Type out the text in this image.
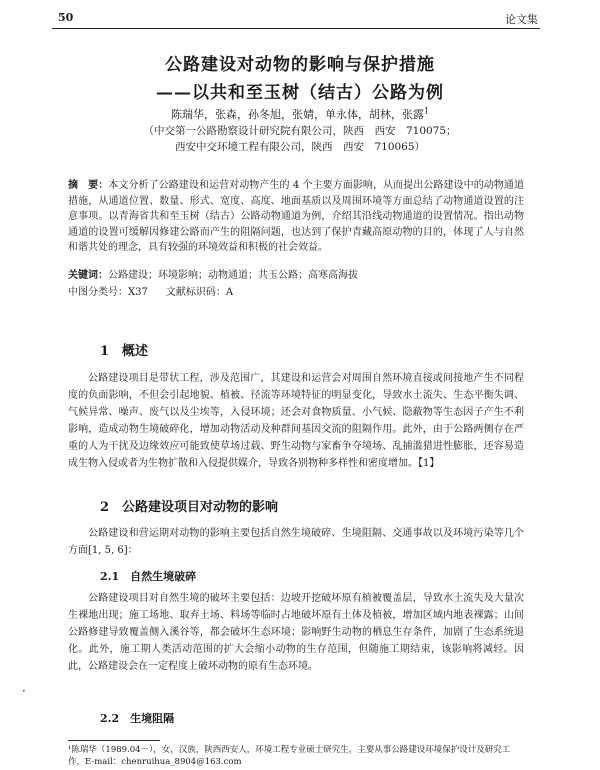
50	论文集
公路建设对动物的影响与保护措施
——以共和至玉树（结古）公路为例
陈瑞华，张森，孙冬旭，张婧，单永体，胡林，张露$^1$
（中交第一公路勘察设计研究院有限公司，陕西　西安　710075；
西安中交环境工程有限公司，陕西　西安　710065）
摘　要：本文分析了公路建设和运营对动物产生的 4 个主要方面影响，从而提出公路建设中的动物通道措施，从通道位置、数量、形式、宽度、高度、地面基质以及周围环境等方面总结了动物通道设置的注意事项。以青海省共和至玉树（结古）公路动物通道为例，介绍其沿线动物通道的设置情况。指出动物通道的设置可缓解因修建公路而产生的阻隔问题，也达到了保护青藏高原动物的目的，体现了人与自然和谐共处的理念，具有较强的环境效益和积极的社会效益。
关键词：公路建设；环境影响；动物通道；共玉公路；高寒高海拔
中图分类号：X37 文献标识码：A
1　概述
公路建设项目是带状工程，涉及范围广，其建设和运营会对周围自然环境直接或间接地产生不同程度的负面影响，不但会引起地貌、植被、径流等环境特征的明显变化，导致水土流失、生态平衡失调、气候异常、噪声、废气以及尘埃等，入侵环境；还会对食物质量、小气候、隐蔽物等生态因子产生不利影响，造成动物生境破碎化，增加动物活动及种群间基因交流的阻隔作用。此外，由于公路两侧存在严重的人为干扰及边缘效应可能致使草场过载、野生动物与家畜争夺境场、乱捕滥猎进性膨胀，还容易造成生物入侵或者为生物扩散和入侵提供媒介，导致各别物种多样性和密度增加。【1】
2　公路建设项目对动物的影响
公路建设和营运期对动物的影响主要包括自然生境破碎、生境阻隔、交通事故以及环境污染等几个方面[1, 5, 6]：
2.1　自然生境破碎
公路建设项目对自然生境的破坏主要包括：边坡开挖破坏原有植被覆盖层，导致水土流失及大量次生裸地出现；施工场地、取弃土场、料场等临时占地破坏原有土体及植被，增加区域内地表裸露；山间公路修建导致覆盖侧入溪谷等，都会破坏生态环境；影响野生动物的栖息生存条件，加剧了生态系统退化。此外，施工期人类活动范围的扩大会缩小动物的生存范围，但随施工期结束，该影响将减轻。因此，公路建设会在一定程度上破坏动物的原有生态环境。
2.2　生境阻隔
·
¹陈瑞华（1989.04－），女，汉族，陕西西安人，环境工程专业硕士研究生，主要从事公路建设环境保护设计及研究工作，E-mail：chenruihua_8904@163.com
